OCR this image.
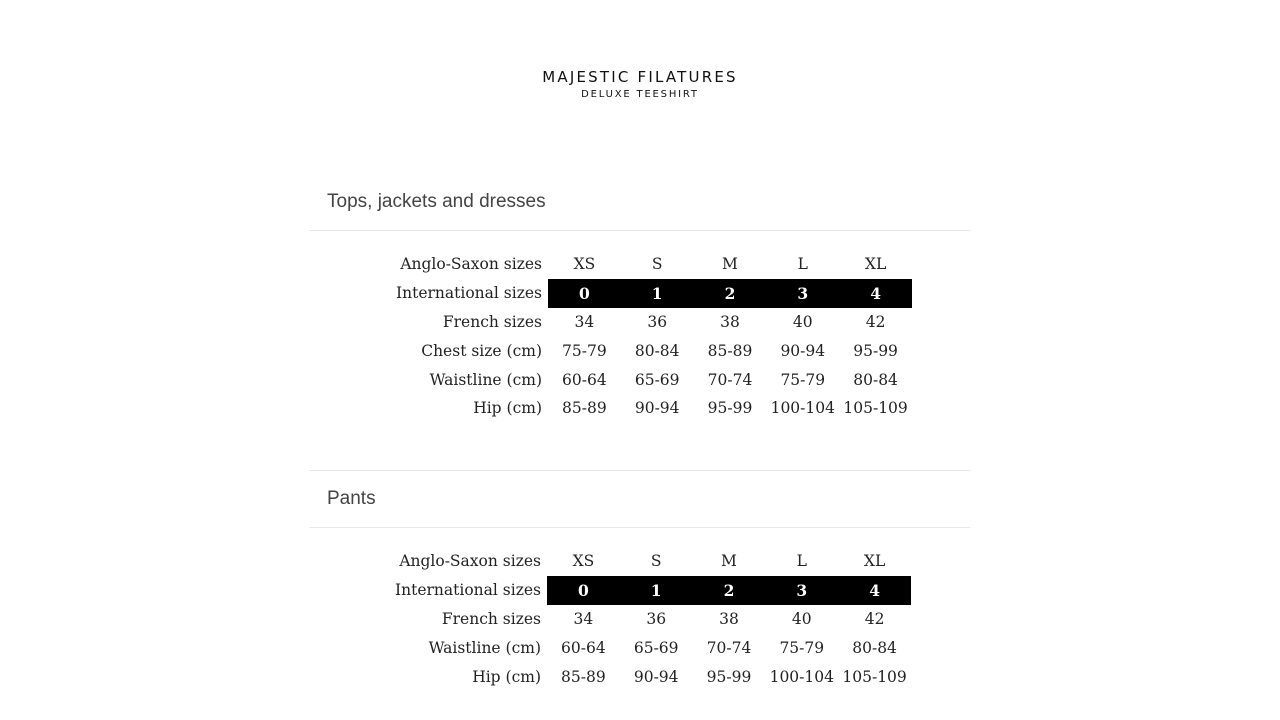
MAJESTIC FILATURES
DELUXE TEESHIRT
Tops, jackets and dresses
Anglo-Saxon sizes	XS	S	M	L	XL
International sizes	0	1	2	3	4
French sizes	34	36	38	40	42
Chest size (cm)	75-79	80-84	85-89	90-94	95-99
Waistline (cm)	60-64	65-69	70-74	75-79	80-84
Hip (cm)	85-89	90-94	95-99	100-104	105-109
Pants
Anglo-Saxon sizes	XS	S	M	L	XL
International sizes	0	1	2	3	4
French sizes	34	36	38	40	42
Waistline (cm)	60-64	65-69	70-74	75-79	80-84
Hip (cm)	85-89	90-94	95-99	100-104	105-109
